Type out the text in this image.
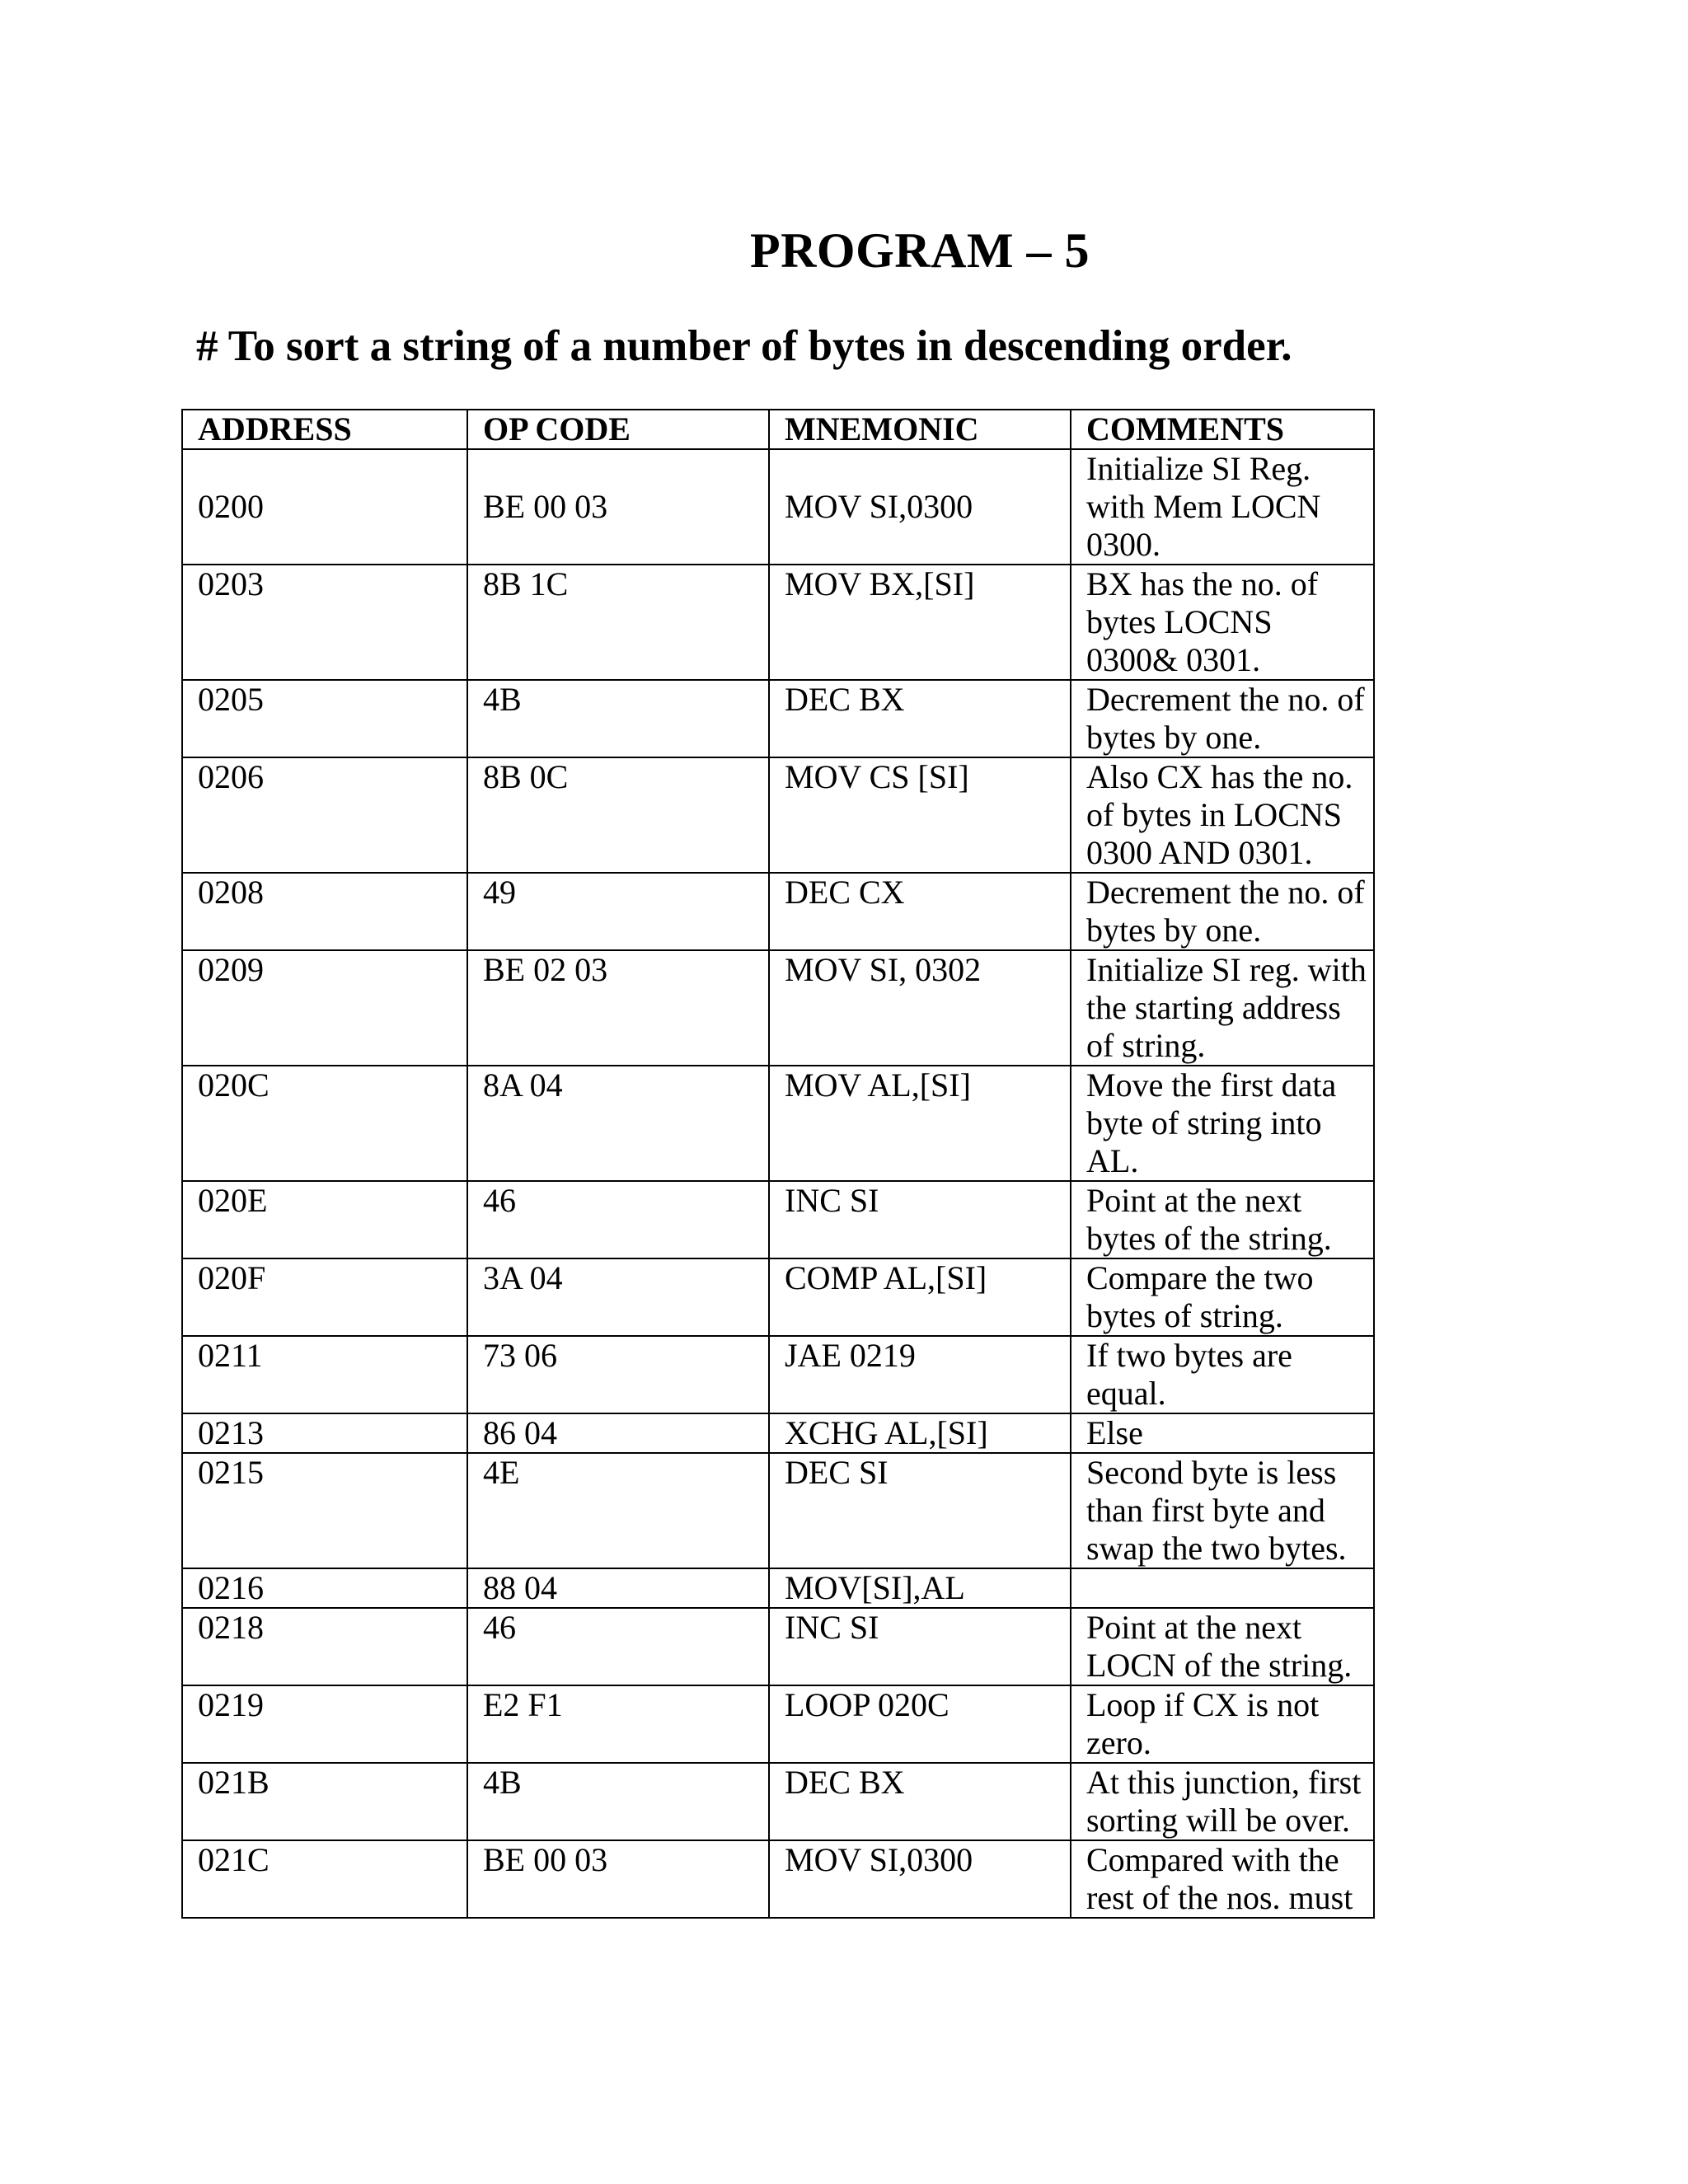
PROGRAM – 5
# To sort a string of a number of bytes in descending order.
ADDRESS	OP CODE	MNEMONIC	COMMENTS
0200	BE 00 03	MOV SI,0300	Initialize SI Reg. with Mem LOCN 0300.
0203	8B 1C	MOV BX,[SI]	BX has the no. of bytes LOCNS 0300& 0301.
0205	4B	DEC BX	Decrement the no. of bytes by one.
0206	8B 0C	MOV CS [SI]	Also CX has the no. of bytes in LOCNS 0300 AND 0301.
0208	49	DEC CX	Decrement the no. of bytes by one.
0209	BE 02 03	MOV SI, 0302	Initialize SI reg. with the starting address of string.
020C	8A 04	MOV AL,[SI]	Move the first data byte of string into AL.
020E	46	INC SI	Point at the next bytes of the string.
020F	3A 04	COMP AL,[SI]	Compare the two bytes of string.
0211	73 06	JAE 0219	If two bytes are equal.
0213	86 04	XCHG AL,[SI]	Else
0215	4E	DEC SI	Second byte is less than first byte and swap the two bytes.
0216	88 04	MOV[SI],AL	
0218	46	INC SI	Point at the next LOCN of the string.
0219	E2 F1	LOOP 020C	Loop if CX is not zero.
021B	4B	DEC BX	At this junction, first sorting will be over.
021C	BE 00 03	MOV SI,0300	Compared with the rest of the nos. must
